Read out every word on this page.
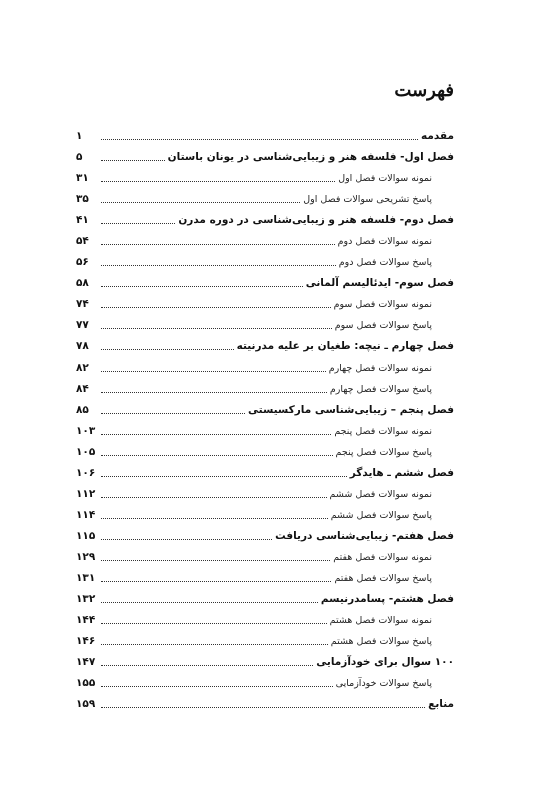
فهرست
مقدمه
۱
فصل اول- فلسفه هنر و زیبایی‌شناسی در یونان باستان
۵
نمونه سوالات فصل اول
۳۱
پاسخ تشریحی سوالات فصل اول
۳۵
فصل دوم- فلسفه هنر و زیبایی‌شناسی در دوره مدرن
۴۱
نمونه سوالات فصل دوم
۵۴
پاسخ سوالات فصل دوم
۵۶
فصل سوم- ایدئالیسم آلمانی
۵۸
نمونه سوالات فصل سوم
۷۴
پاسخ سوالات فصل سوم
۷۷
فصل چهارم ـ نیچه: طغیان بر علیه مدرنیته
۷۸
نمونه سوالات فصل چهارم
۸۲
پاسخ سوالات فصل چهارم
۸۴
فصل پنجم – زیبایی‌شناسی مارکسیستی
۸۵
نمونه سوالات فصل پنجم
۱۰۳
پاسخ سوالات فصل پنجم
۱۰۵
فصل ششم ـ هایدگر
۱۰۶
نمونه سوالات فصل ششم
۱۱۲
پاسخ سوالات فصل ششم
۱۱۴
فصل هفتم- زیبایی‌شناسی دریافت
۱۱۵
نمونه سوالات فصل هفتم
۱۲۹
پاسخ سوالات فصل هفتم
۱۳۱
فصل هشتم- پسامدرنیسم
۱۳۲
نمونه سوالات فصل هشتم
۱۴۴
پاسخ سوالات فصل هشتم
۱۴۶
۱۰۰ سوال برای خودآزمایی
۱۴۷
پاسخ سوالات خودآزمایی
۱۵۵
منابع
۱۵۹
